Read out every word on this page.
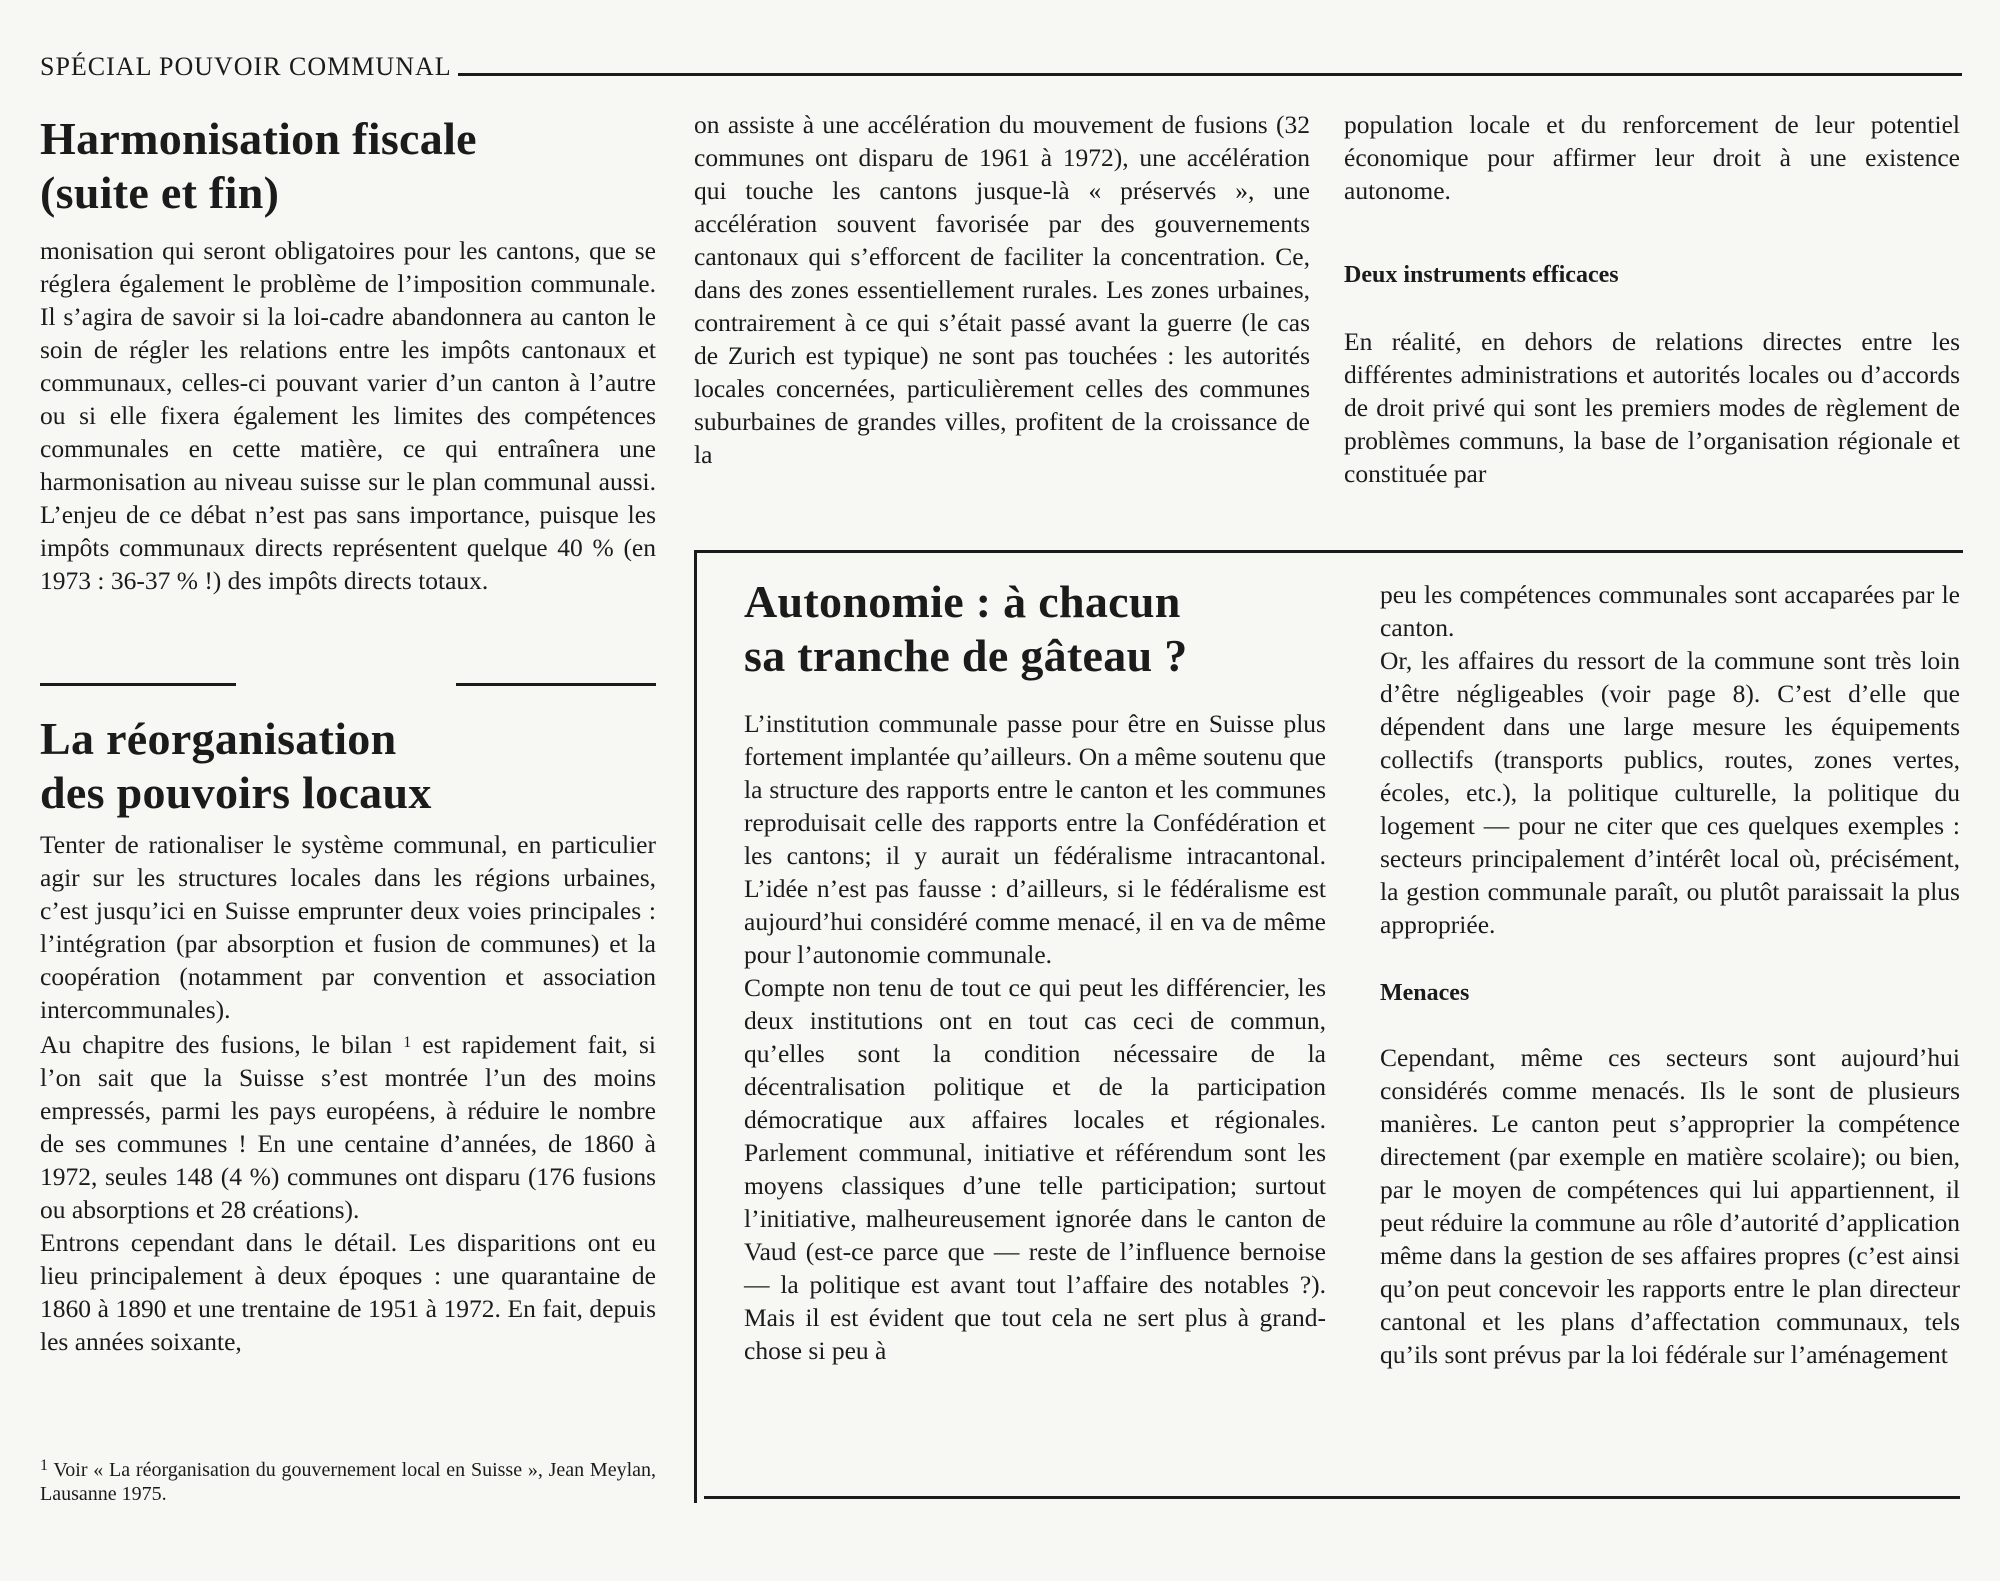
SPÉCIAL POUVOIR COMMUNAL
Harmonisation fiscale
(suite et fin)

monisation qui seront obligatoires pour les cantons, que se réglera également le problème de l’imposition communale. Il s’agira de savoir si la loi-cadre abandonnera au canton le soin de régler les relations entre les impôts cantonaux et communaux, celles-ci pouvant varier d’un canton à l’autre ou si elle fixera également les limites des compétences communales en cette matière, ce qui entraînera une harmonisation au niveau suisse sur le plan communal aussi. L’enjeu de ce débat n’est pas sans importance, puisque les impôts communaux directs représentent quelque 40 % (en 1973 : 36-37 % !) des impôts directs totaux.

La réorganisation
des pouvoirs locaux

Tenter de rationaliser le système communal, en particulier agir sur les structures locales dans les régions urbaines, c’est jusqu’ici en Suisse emprunter deux voies principales : l’intégration (par absorption et fusion de communes) et la coopération (notamment par convention et association intercommunales).

Au chapitre des fusions, le bilan $^1$ est rapidement fait, si l’on sait que la Suisse s’est montrée l’un des moins empressés, parmi les pays européens, à réduire le nombre de ses communes ! En une centaine d’années, de 1860 à 1972, seules 148 (4 %) communes ont disparu (176 fusions ou absorptions et 28 créations).

Entrons cependant dans le détail. Les disparitions ont eu lieu principalement à deux époques : une quarantaine de 1860 à 1890 et une trentaine de 1951 à 1972. En fait, depuis les années soixante,

$^1$ Voir « La réorganisation du gouvernement local en Suisse », Jean Meylan, Lausanne 1975.

on assiste à une accélération du mouvement de fusions (32 communes ont disparu de 1961 à 1972), une accélération qui touche les cantons jusque-là « préservés », une accélération souvent favorisée par des gouvernements cantonaux qui s’efforcent de faciliter la concentration. Ce, dans des zones essentiellement rurales. Les zones urbaines, contrairement à ce qui s’était passé avant la guerre (le cas de Zurich est typique) ne sont pas touchées : les autorités locales concernées, particulièrement celles des communes suburbaines de grandes villes, profitent de la croissance de la

population locale et du renforcement de leur potentiel économique pour affirmer leur droit à une existence autonome.

Deux instruments efficaces

En réalité, en dehors de relations directes entre les différentes administrations et autorités locales ou d’accords de droit privé qui sont les premiers modes de règlement de problèmes communs, la base de l’organisation régionale et constituée par

Autonomie : à chacun
sa tranche de gâteau ?

L’institution communale passe pour être en Suisse plus fortement implantée qu’ailleurs. On a même soutenu que la structure des rapports entre le canton et les communes reproduisait celle des rapports entre la Confédération et les cantons; il y aurait un fédéralisme intracantonal. L’idée n’est pas fausse : d’ailleurs, si le fédéralisme est aujourd’hui considéré comme menacé, il en va de même pour l’autonomie communale.

Compte non tenu de tout ce qui peut les différencier, les deux institutions ont en tout cas ceci de commun, qu’elles sont la condition nécessaire de la décentralisation politique et de la participation démocratique aux affaires locales et régionales. Parlement communal, initiative et référendum sont les moyens classiques d’une telle participation; surtout l’initiative, malheureusement ignorée dans le canton de Vaud (est-ce parce que — reste de l’influence bernoise — la politique est avant tout l’affaire des notables ?). Mais il est évident que tout cela ne sert plus à grand-chose si peu à

peu les compétences communales sont accaparées par le canton.

Or, les affaires du ressort de la commune sont très loin d’être négligeables (voir page 8). C’est d’elle que dépendent dans une large mesure les équipements collectifs (transports publics, routes, zones vertes, écoles, etc.), la politique culturelle, la politique du logement — pour ne citer que ces quelques exemples : secteurs principalement d’intérêt local où, précisément, la gestion communale paraît, ou plutôt paraissait la plus appropriée.

Menaces

Cependant, même ces secteurs sont aujourd’hui considérés comme menacés. Ils le sont de plusieurs manières. Le canton peut s’approprier la compétence directement (par exemple en matière scolaire); ou bien, par le moyen de compétences qui lui appartiennent, il peut réduire la commune au rôle d’autorité d’application même dans la gestion de ses affaires propres (c’est ainsi qu’on peut concevoir les rapports entre le plan directeur cantonal et les plans d’affectation communaux, tels qu’ils sont prévus par la loi fédérale sur l’aménagement
